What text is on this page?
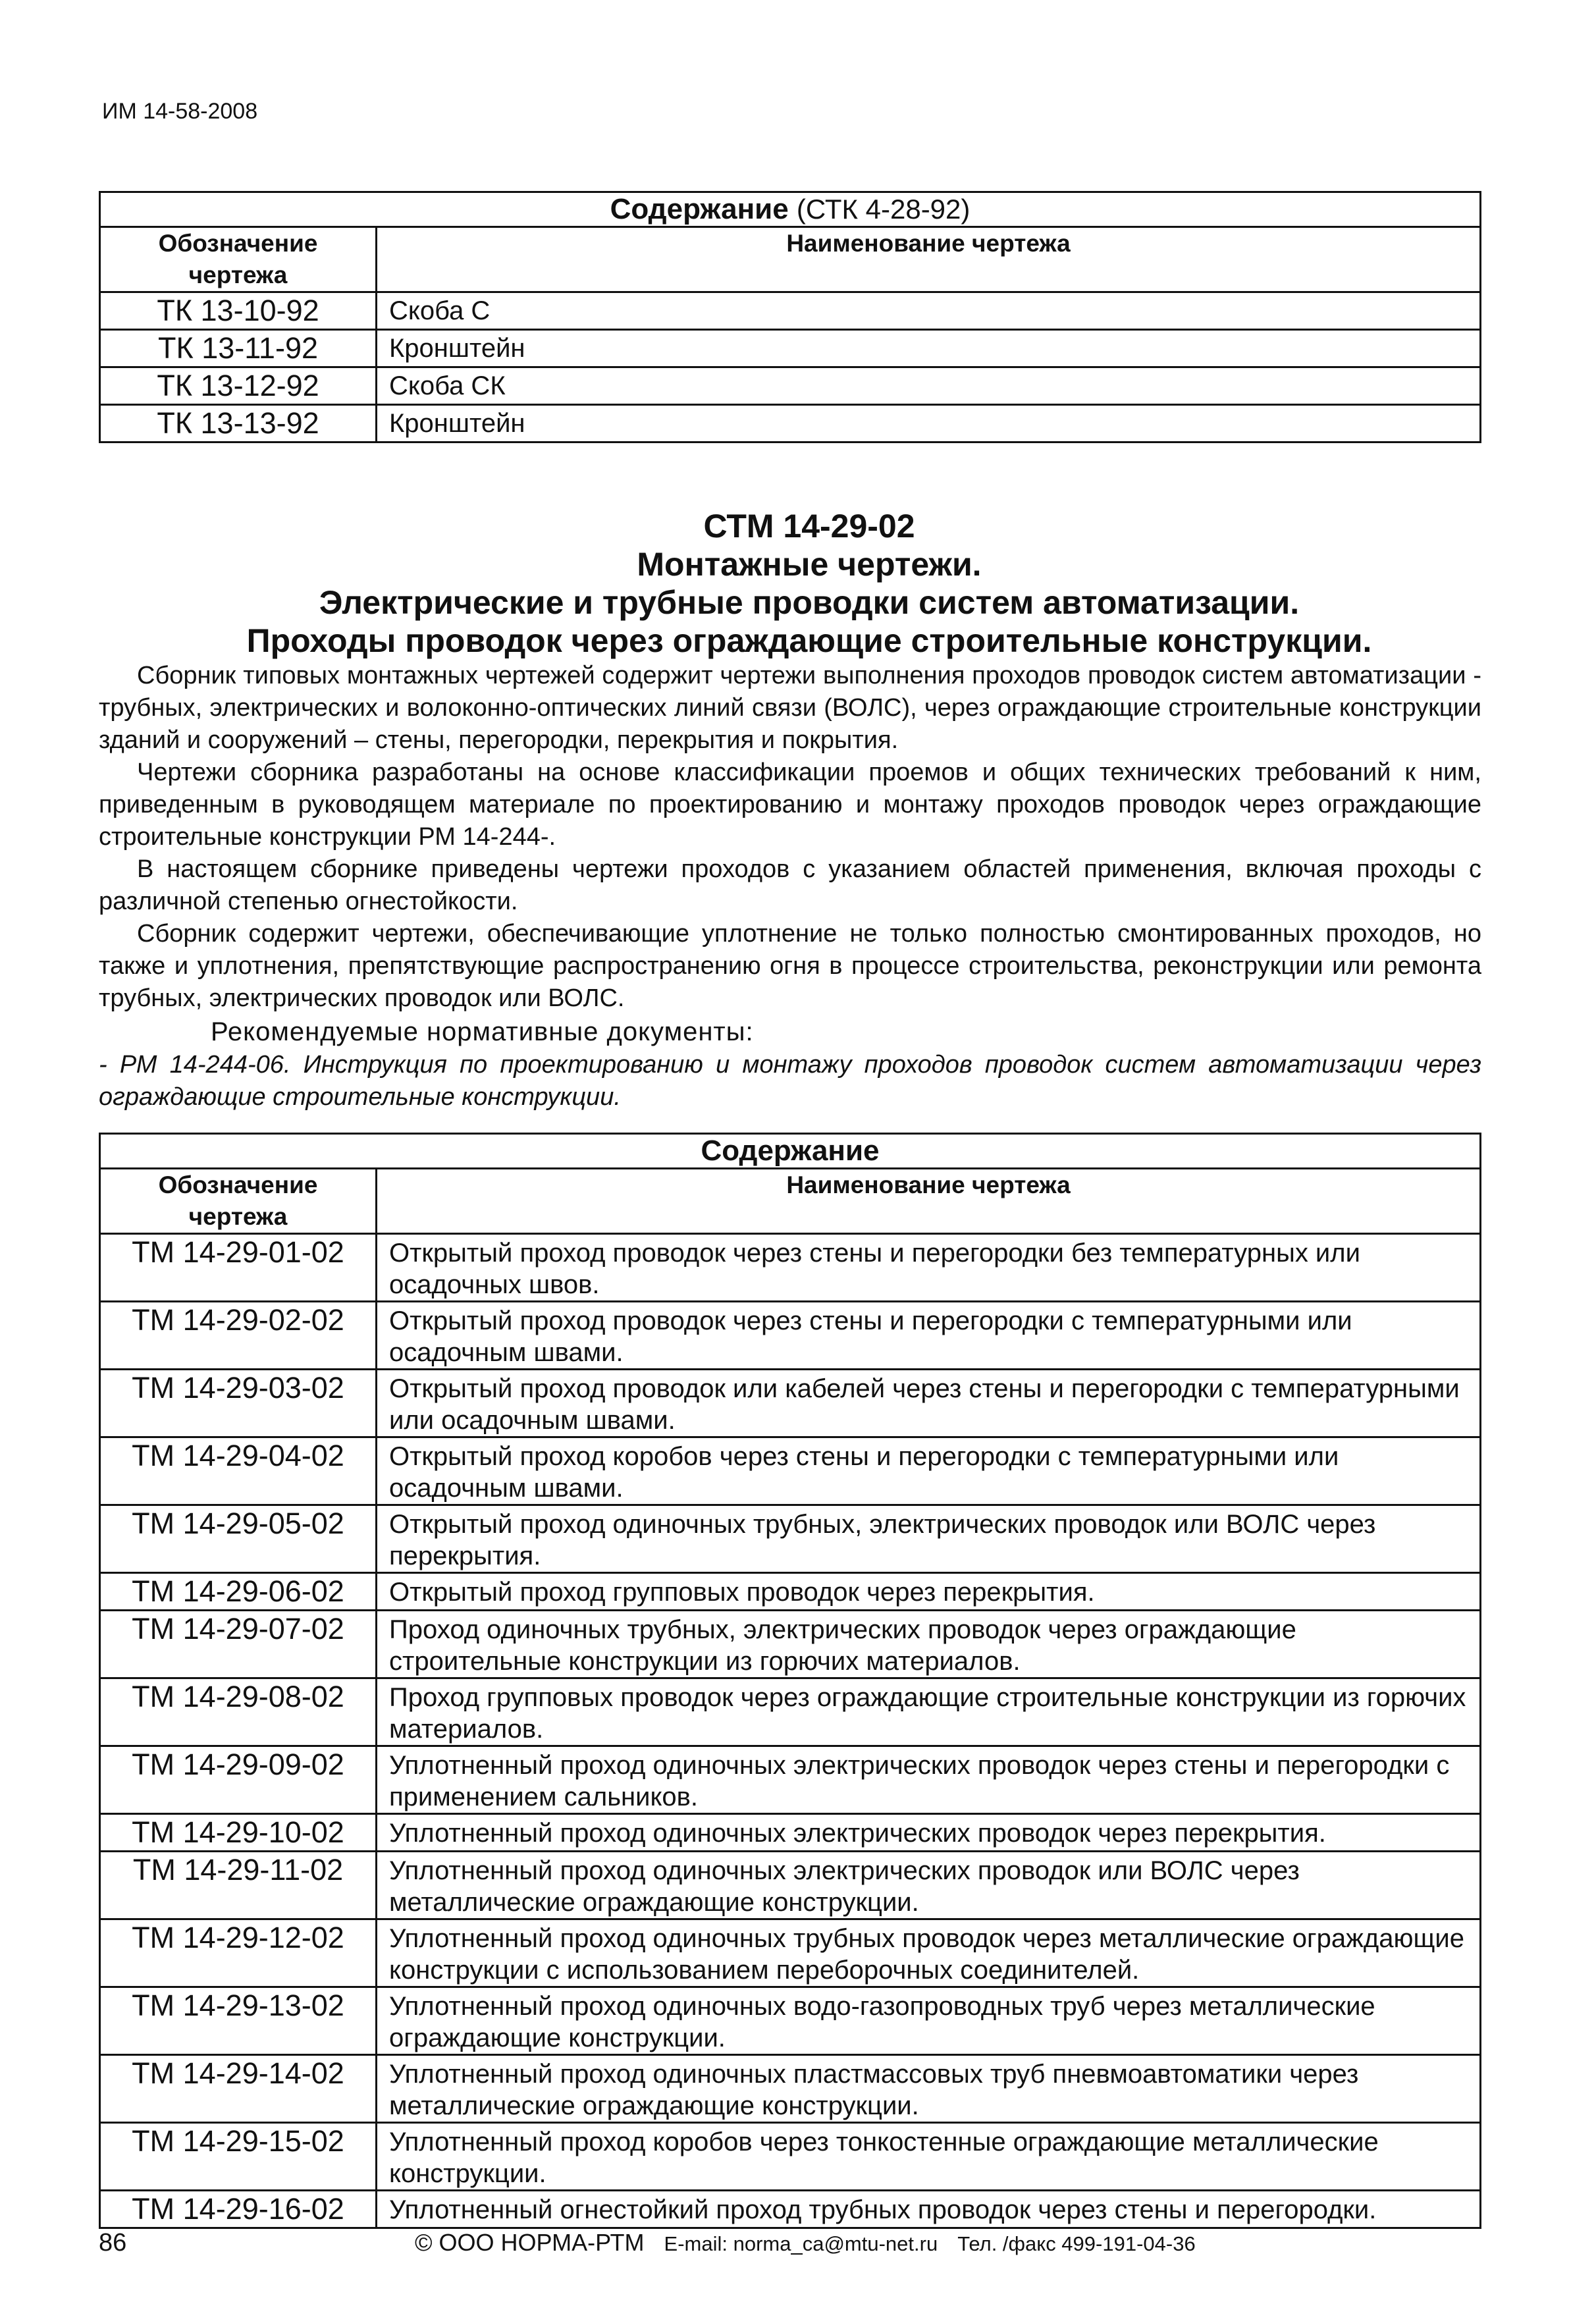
ИМ 14-58-2008
Содержание (СТК 4-28-92)	
Обозначение чертежа	Наименование чертежа
ТК 13-10-92	Скоба С
ТК 13-11-92	Кронштейн
ТК 13-12-92	Скоба СК
ТК 13-13-92	Кронштейн

СТМ 14-29-02

Монтажные чертежи.

Электрические и трубные проводки систем автоматизации.

Проходы проводок через ограждающие строительные конструкции.

Сборник типовых монтажных чертежей содержит чертежи выполнения проходов проводок систем автоматизации - трубных, электрических и волоконно-оптических линий связи (ВОЛС), через ограждающие строительные конструкции зданий и сооружений – стены, перегородки, перекрытия и покрытия.

Чертежи сборника разработаны на основе классификации проемов и общих технических требований к ним, приведенным в руководящем материале по проектированию и монтажу проходов проводок через ограждающие строительные конструкции РМ 14-244-.

В настоящем сборнике приведены чертежи проходов с указанием областей применения, включая проходы с различной степенью огнестойкости.

Сборник содержит чертежи, обеспечивающие уплотнение не только полностью смонтированных проходов, но также и уплотнения, препятствующие распространению огня в процессе строительства, реконструкции или ремонта трубных, электрических проводок или ВОЛС.

Рекомендуемые нормативные документы:

- РМ 14-244-06. Инструкция по проектированию и монтажу проходов проводок систем автоматизации через ограждающие строительные конструкции.

Содержание	
Обозначение чертежа	Наименование чертежа
ТМ 14-29-01-02	Открытый проход проводок через стены и перегородки без температурных или осадочных швов.
ТМ 14-29-02-02	Открытый проход проводок через стены и перегородки с температурными или осадочным швами.
ТМ 14-29-03-02	Открытый проход проводок или кабелей через стены и перегородки с температурными или осадочным швами.
ТМ 14-29-04-02	Открытый проход коробов через стены и перегородки с температурными или осадочным швами.
ТМ 14-29-05-02	Открытый проход одиночных трубных, электрических проводок или ВОЛС через перекрытия.
ТМ 14-29-06-02	Открытый проход групповых проводок через перекрытия.
ТМ 14-29-07-02	Проход одиночных трубных, электрических проводок через ограждающие строительные конструкции из горючих материалов.
ТМ 14-29-08-02	Проход групповых проводок через ограждающие строительные конструкции из горючих материалов.
ТМ 14-29-09-02	Уплотненный проход одиночных электрических проводок через стены и перегородки с применением сальников.
ТМ 14-29-10-02	Уплотненный проход одиночных электрических проводок через перекрытия.
ТМ 14-29-11-02	Уплотненный проход одиночных электрических проводок или ВОЛС через металлические ограждающие конструкции.
ТМ 14-29-12-02	Уплотненный проход одиночных трубных проводок через металлические ограждающие конструкции с использованием переборочных соединителей.
ТМ 14-29-13-02	Уплотненный проход одиночных водо-газопроводных труб через металлические ограждающие конструкции.
ТМ 14-29-14-02	Уплотненный проход одиночных пластмассовых труб пневмоавтоматики через металлические ограждающие конструкции.
ТМ 14-29-15-02	Уплотненный проход коробов через тонкостенные ограждающие металлические конструкции.
ТМ 14-29-16-02	Уплотненный огнестойкий проход трубных проводок через стены и перегородки.
86	© ООО НОРМА-РТМ E-mail: norma_ca@mtu-net.ru Тел. /факс 499-191-04-36
